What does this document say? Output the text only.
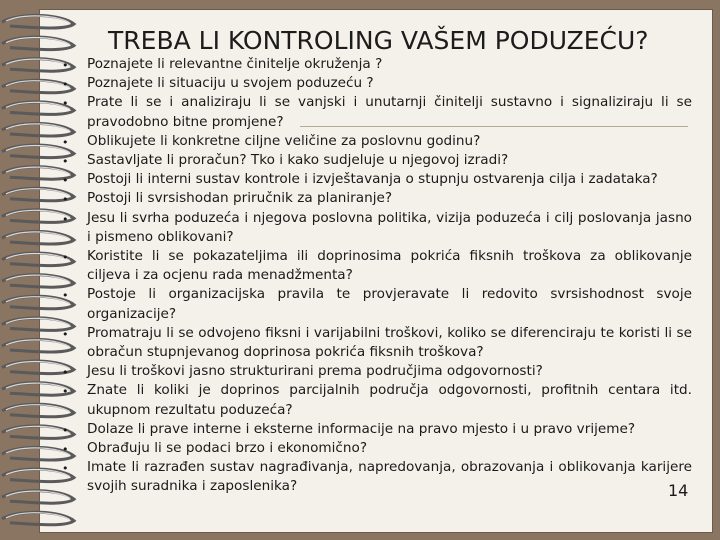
TREBA LI KONTROLING VAŠEM PODUZEĆU?
• Poznajete li relevantne činitelje okruženja ?
• Poznajete li situaciju u svojem poduzeću ?
• Prate li se i analiziraju li se vanjski i unutarnji činitelji sustavno i signaliziraju li se pravodobno bitne promjene?
• Oblikujete li konkretne ciljne veličine za poslovnu godinu?
• Sastavljate li proračun? Tko i kako sudjeluje u njegovoj izradi?
• Postoji li interni sustav kontrole i izvještavanja o stupnju ostvarenja cilja i zadataka?
• Postoji li svrsishodan priručnik za planiranje?
• Jesu li svrha poduzeća i njegova poslovna politika, vizija poduzeća i cilj poslovanja jasno i pismeno oblikovani?
• Koristite li se pokazateljima ili doprinosima pokrića fiksnih troškova za oblikovanje ciljeva i za ocjenu rada menadžmenta?
• Postoje li organizacijska pravila te provjeravate li redovito svrsishodnost svoje organizacije?
• Promatraju li se odvojeno fiksni i varijabilni troškovi, koliko se diferenciraju te koristi li se obračun stupnjevanog doprinosa pokrića fiksnih troškova?
• Jesu li troškovi jasno strukturirani prema područjima odgovornosti?
• Znate li koliki je doprinos parcijalnih područja odgovornosti, profitnih centara itd. ukupnom rezultatu poduzeća?
• Dolaze li prave interne i eksterne informacije na pravo mjesto i u pravo vrijeme?
• Obrađuju li se podaci brzo i ekonomično?
• Imate li razrađen sustav nagrađivanja, napredovanja, obrazovanja i oblikovanja karijere svojih suradnika i zaposlenika?	14
